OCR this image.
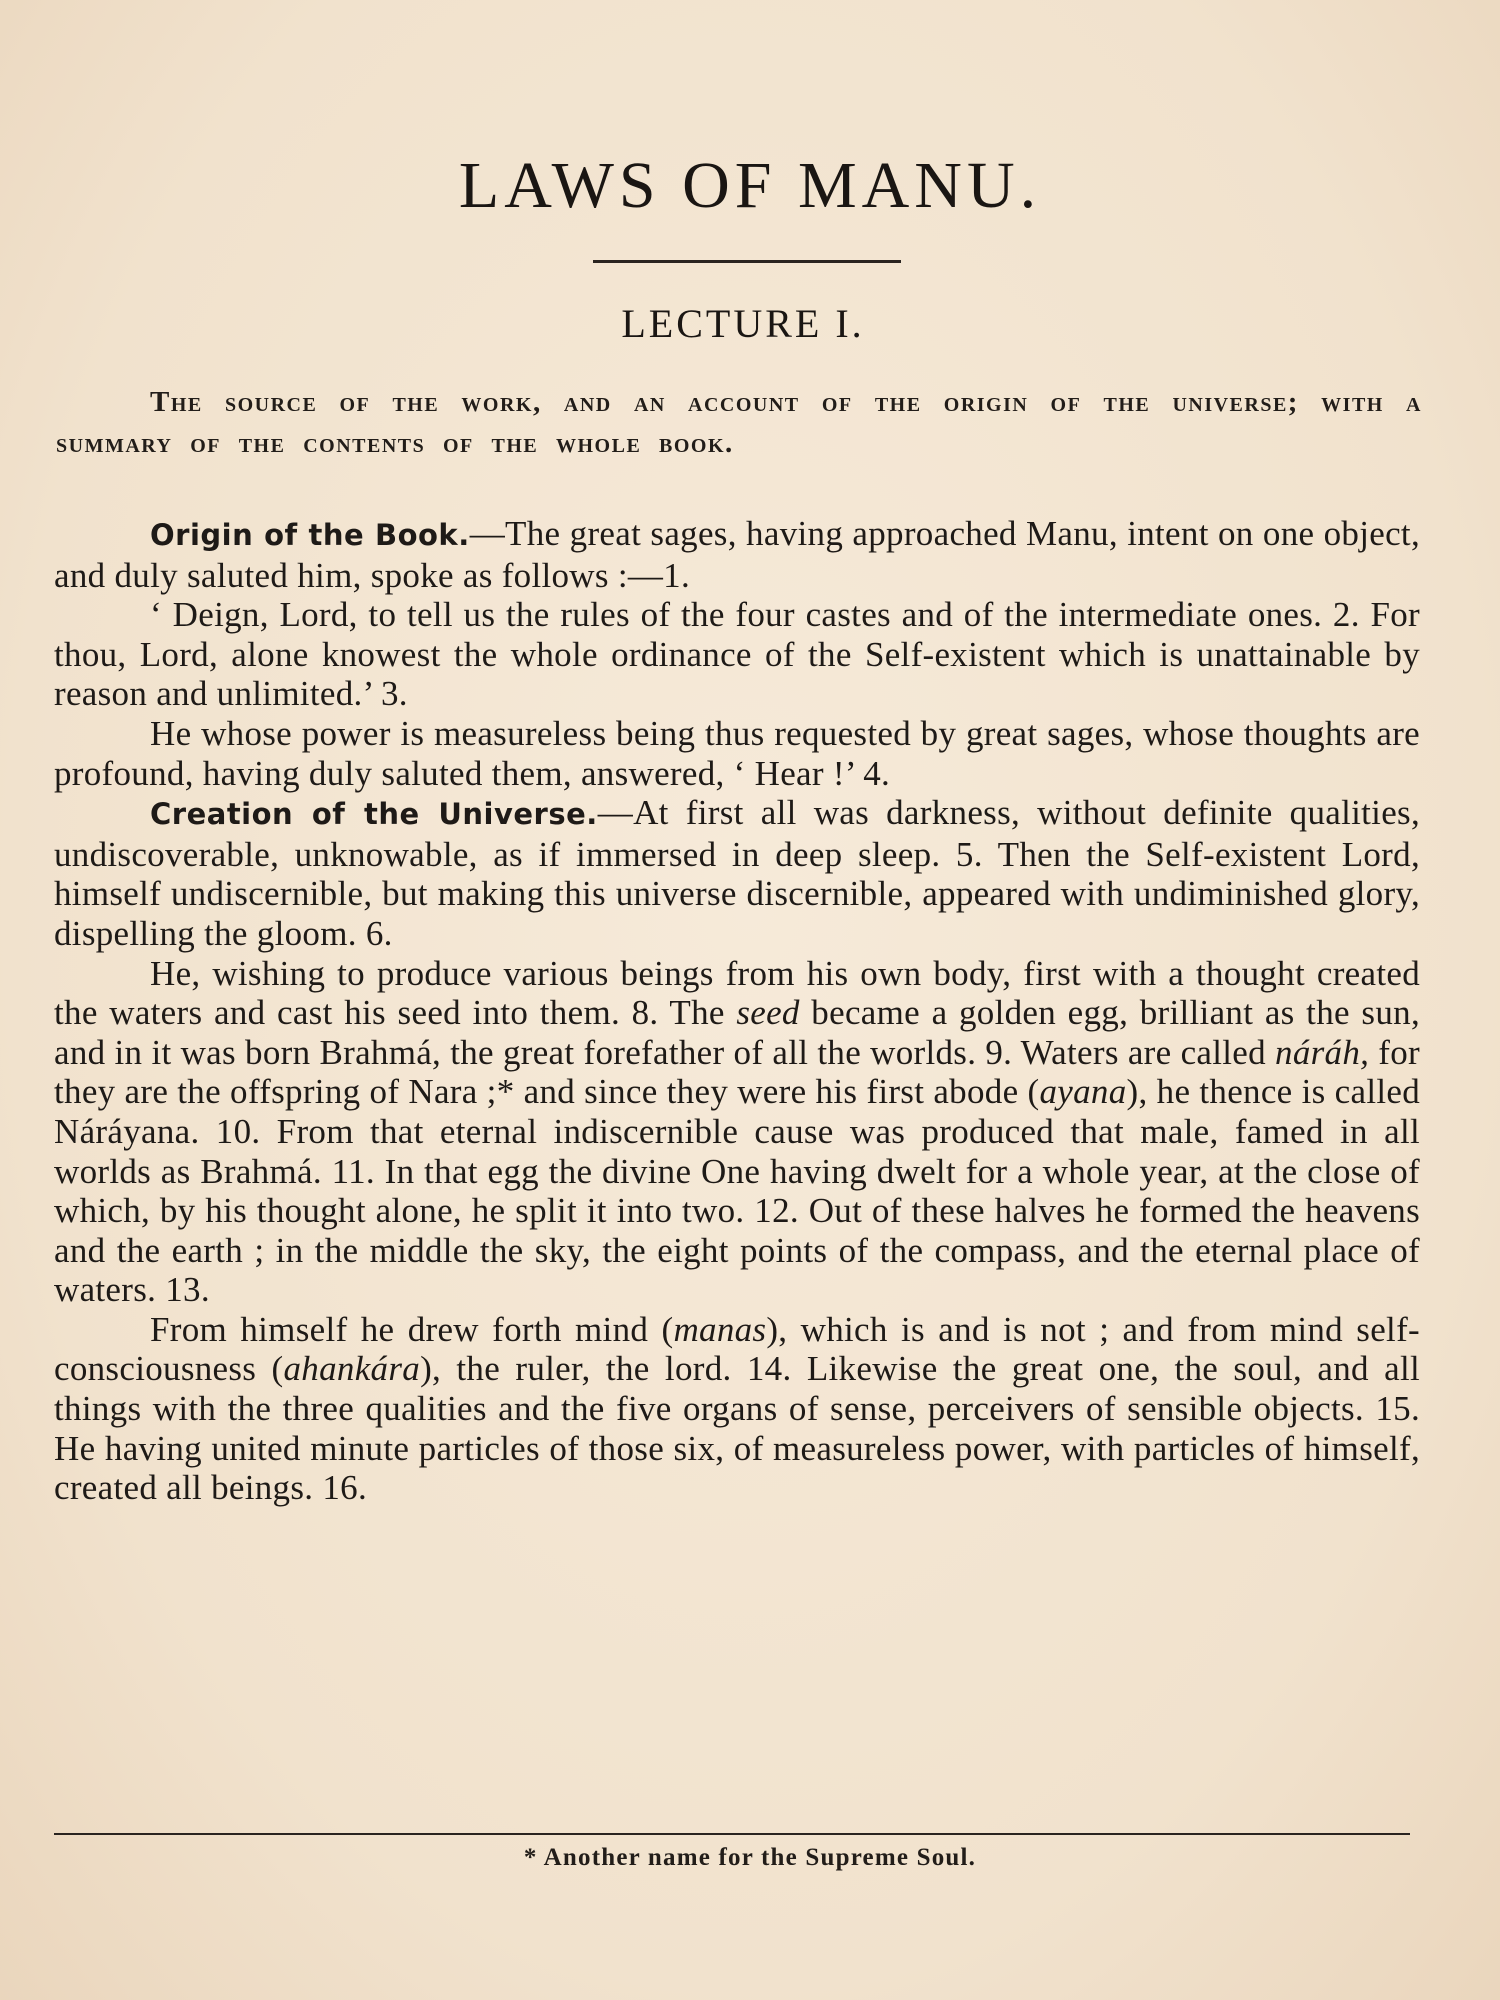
LAWS OF MANU.
LECTURE I.

The source of the work, and an account of the origin of the universe; with a summary of the contents of the whole book.

Origin of the Book.—The great sages, having approached Manu, intent on one object, and duly saluted him, spoke as follows :—1.

‘ Deign, Lord, to tell us the rules of the four castes and of the intermediate ones. 2. For thou, Lord, alone knowest the whole ordinance of the Self-existent which is unattainable by reason and unlimited.’ 3.

He whose power is measureless being thus requested by great sages, whose thoughts are profound, having duly saluted them, answered, ‘ Hear !’ 4.

Creation of the Universe.—At first all was darkness, without definite qualities, undiscoverable, unknowable, as if immersed in deep sleep. 5. Then the Self-existent Lord, himself undiscernible, but making this universe discernible, appeared with undiminished glory, dispelling the gloom. 6.

He, wishing to produce various beings from his own body, first with a thought created the waters and cast his seed into them. 8. The seed became a golden egg, brilliant as the sun, and in it was born Brahmá, the great forefather of all the worlds. 9. Waters are called náráh, for they are the offspring of Nara ;* and since they were his first abode (ayana), he thence is called Náráyana. 10. From that eternal indiscernible cause was produced that male, famed in all worlds as Brahmá. 11. In that egg the divine One having dwelt for a whole year, at the close of which, by his thought alone, he split it into two. 12. Out of these halves he formed the heavens and the earth ; in the middle the sky, the eight points of the compass, and the eternal place of waters. 13.

From himself he drew forth mind (manas), which is and is not ; and from mind self-consciousness (ahankára), the ruler, the lord. 14. Likewise the great one, the soul, and all things with the three qualities and the five organs of sense, perceivers of sensible objects. 15. He having united minute particles of those six, of measureless power, with particles of himself, created all beings. 16.

* Another name for the Supreme Soul.
